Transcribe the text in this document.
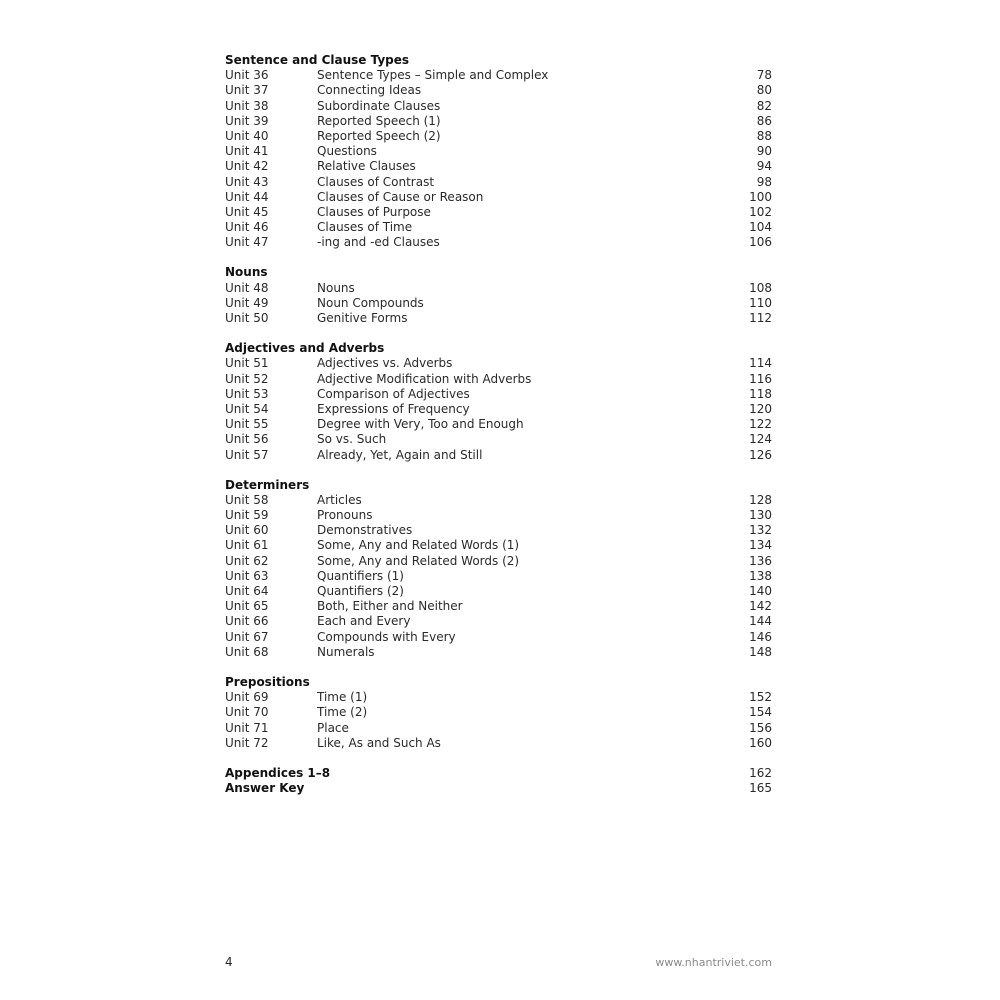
Sentence and Clause Types
Unit 36	Sentence Types – Simple and Complex	78
Unit 37	Connecting Ideas	80
Unit 38	Subordinate Clauses	82
Unit 39	Reported Speech (1)	86
Unit 40	Reported Speech (2)	88
Unit 41	Questions	90
Unit 42	Relative Clauses	94
Unit 43	Clauses of Contrast	98
Unit 44	Clauses of Cause or Reason	100
Unit 45	Clauses of Purpose	102
Unit 46	Clauses of Time	104
Unit 47	-ing and -ed Clauses	106
Nouns
Unit 48	Nouns	108
Unit 49	Noun Compounds	110
Unit 50	Genitive Forms	112
Adjectives and Adverbs
Unit 51	Adjectives vs. Adverbs	114
Unit 52	Adjective Modification with Adverbs	116
Unit 53	Comparison of Adjectives	118
Unit 54	Expressions of Frequency	120
Unit 55	Degree with Very, Too and Enough	122
Unit 56	So vs. Such	124
Unit 57	Already, Yet, Again and Still	126
Determiners
Unit 58	Articles	128
Unit 59	Pronouns	130
Unit 60	Demonstratives	132
Unit 61	Some, Any and Related Words (1)	134
Unit 62	Some, Any and Related Words (2)	136
Unit 63	Quantifiers (1)	138
Unit 64	Quantifiers (2)	140
Unit 65	Both, Either and Neither	142
Unit 66	Each and Every	144
Unit 67	Compounds with Every	146
Unit 68	Numerals	148
Prepositions
Unit 69	Time (1)	152
Unit 70	Time (2)	154
Unit 71	Place	156
Unit 72	Like, As and Such As	160
Appendices 1–8	162
Answer Key	165
4	www.nhantriviet.com
